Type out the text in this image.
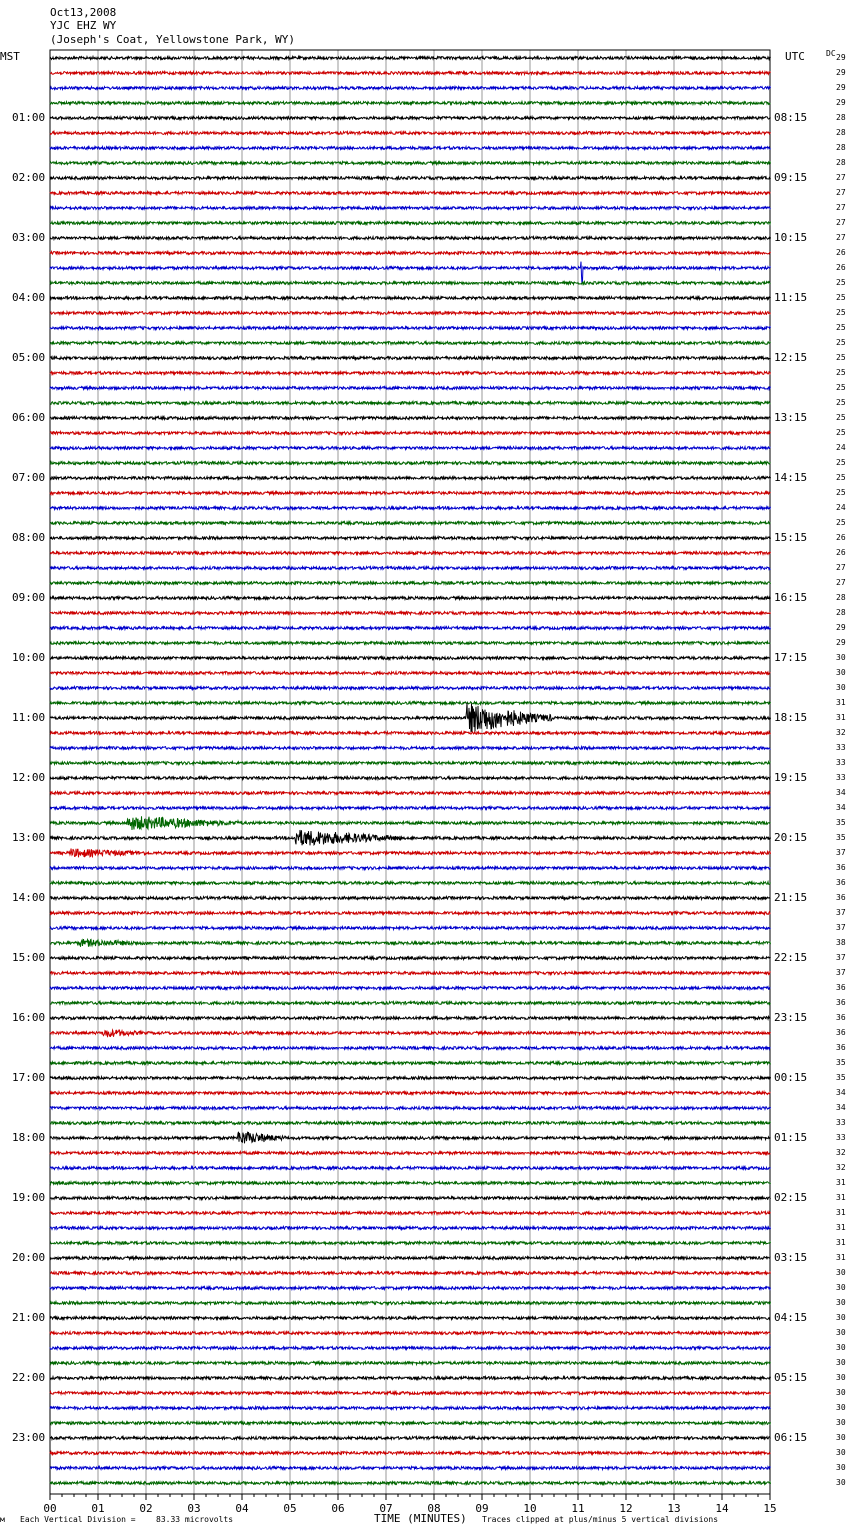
Oct13,2008
YJC EHZ WY
(Joseph's Coat, Yellowstone Park, WY)
MST	UTC	DC
01:00
02:00
03:00
04:00
05:00
06:00
07:00
08:00
09:00
10:00
11:00
12:00
13:00
14:00
15:00
16:00
17:00
18:00
19:00
20:00
21:00
22:00
23:00
08:15
09:15
10:15
11:15
12:15
13:15
14:15
15:15
16:15
17:15
18:15
19:15
20:15
21:15
22:15
23:15
00:15
01:15
02:15
03:15
04:15
05:15
06:15
29
29
29
29
28
28
28
28
27
27
27
27
27
26
26
25
25
25
25
25
25
25
25
25
25
25
24
25
25
25
24
25
26
26
27
27
28
28
29
29
30
30
30
31
31
32
33
33
33
34
34
35
35
37
36
36
36
37
37
38
37
37
36
36
36
36
36
35
35
34
34
33
33
32
32
31
31
31
31
31
31
30
30
30
30
30
30
30
30
30
30
30
30
30
30
30
00	01	02	03	04	05	06	07	08	09	10	11	12	13	14	15
м Each Vertical Division =	83.33 microvolts	TIME (MINUTES) Traces clipped at plus/minus 5 vertical divisions
